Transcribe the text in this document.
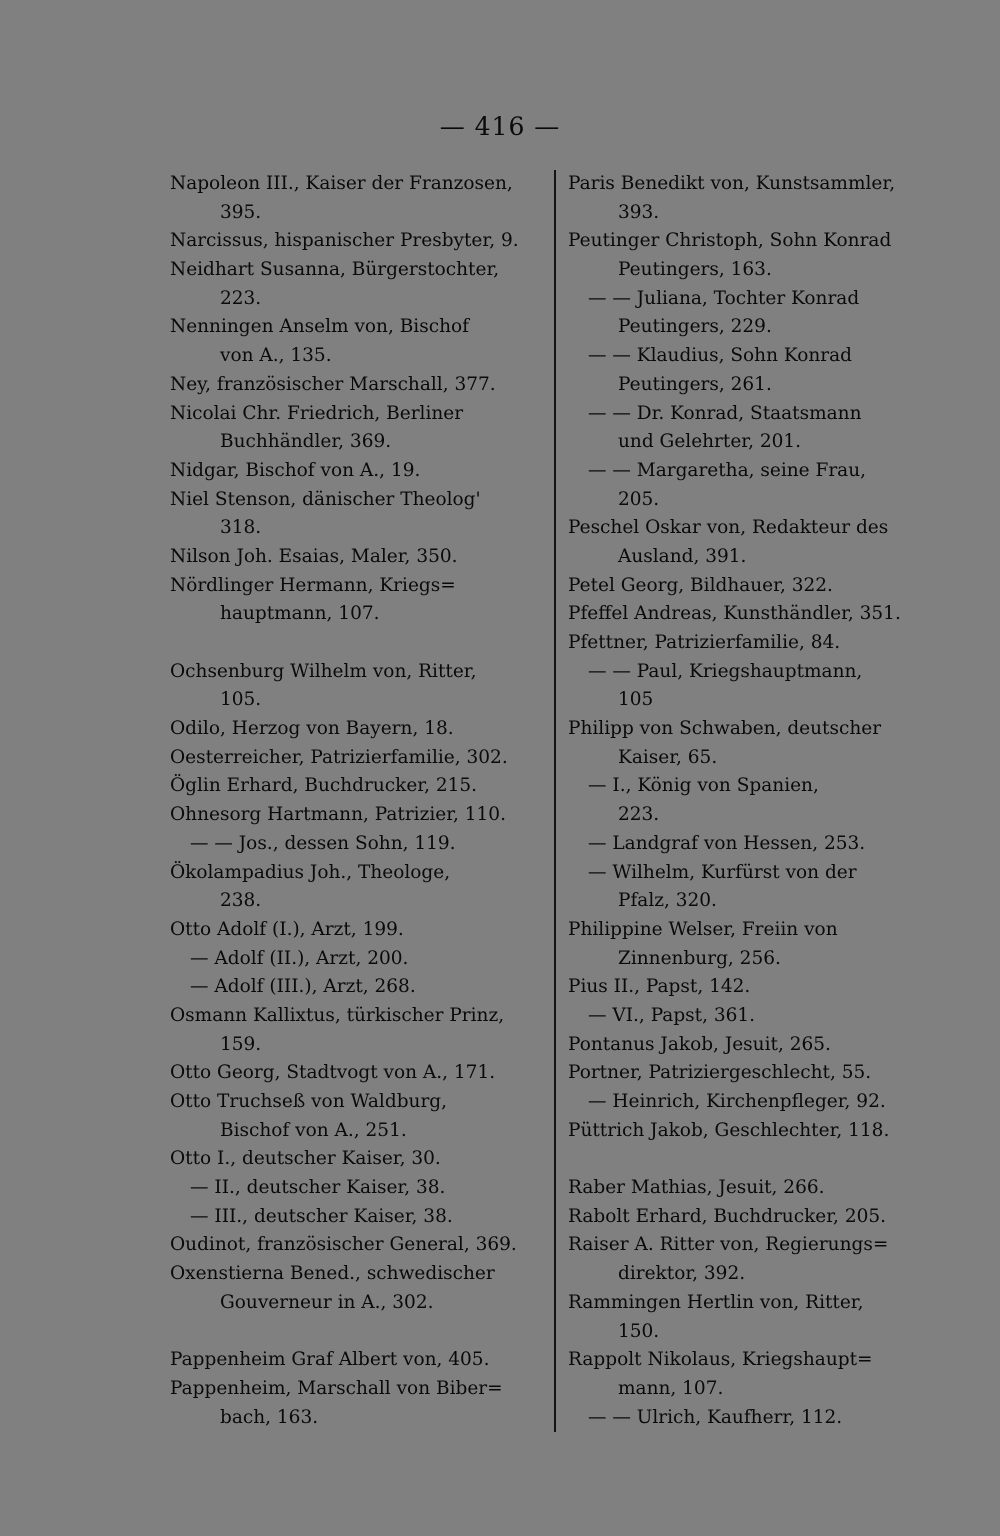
— 416 —
Napoleon III., Kaiser der Franzosen,
395.
Narcissus, hispanischer Presbyter, 9.
Neidhart Susanna, Bürgerstochter,
223.
Nenningen Anselm von, Bischof
von A., 135.
Ney, französischer Marschall, 377.
Nicolai Chr. Friedrich, Berliner
Buchhändler, 369.
Nidgar, Bischof von A., 19.
Niel Stenson, dänischer Theolog'
318.
Nilson Joh. Esaias, Maler, 350.
Nördlinger Hermann, Kriegs=
hauptmann, 107.
Ochsenburg Wilhelm von, Ritter,
105.
Odilo, Herzog von Bayern, 18.
Oesterreicher, Patrizierfamilie, 302.
Öglin Erhard, Buchdrucker, 215.
Ohnesorg Hartmann, Patrizier, 110.
— — Jos., dessen Sohn, 119.
Ökolampadius Joh., Theologe,
238.
Otto Adolf (I.), Arzt, 199.
— Adolf (II.), Arzt, 200.
— Adolf (III.), Arzt, 268.
Osmann Kallixtus, türkischer Prinz,
159.
Otto Georg, Stadtvogt von A., 171.
Otto Truchseß von Waldburg,
Bischof von A., 251.
Otto I., deutscher Kaiser, 30.
— II., deutscher Kaiser, 38.
— III., deutscher Kaiser, 38.
Oudinot, französischer General, 369.
Oxenstierna Bened., schwedischer
Gouverneur in A., 302.
Pappenheim Graf Albert von, 405.
Pappenheim, Marschall von Biber=
bach, 163.
Paris Benedikt von, Kunstsammler,
393.
Peutinger Christoph, Sohn Konrad
Peutingers, 163.
— — Juliana, Tochter Konrad
Peutingers, 229.
— — Klaudius, Sohn Konrad
Peutingers, 261.
— — Dr. Konrad, Staatsmann
und Gelehrter, 201.
— — Margaretha, seine Frau,
205.
Peschel Oskar von, Redakteur des
Ausland, 391.
Petel Georg, Bildhauer, 322.
Pfeffel Andreas, Kunsthändler, 351.
Pfettner, Patrizierfamilie, 84.
— — Paul, Kriegshauptmann,
105
Philipp von Schwaben, deutscher
Kaiser, 65.
— I., König von Spanien,
223.
— Landgraf von Hessen, 253.
— Wilhelm, Kurfürst von der
Pfalz, 320.
Philippine Welser, Freiin von
Zinnenburg, 256.
Pius II., Papst, 142.
— VI., Papst, 361.
Pontanus Jakob, Jesuit, 265.
Portner, Patriziergeschlecht, 55.
— Heinrich, Kirchenpfleger, 92.
Püttrich Jakob, Geschlechter, 118.
Raber Mathias, Jesuit, 266.
Rabolt Erhard, Buchdrucker, 205.
Raiser A. Ritter von, Regierungs=
direktor, 392.
Rammingen Hertlin von, Ritter,
150.
Rappolt Nikolaus, Kriegshaupt=
mann, 107.
— — Ulrich, Kaufherr, 112.
